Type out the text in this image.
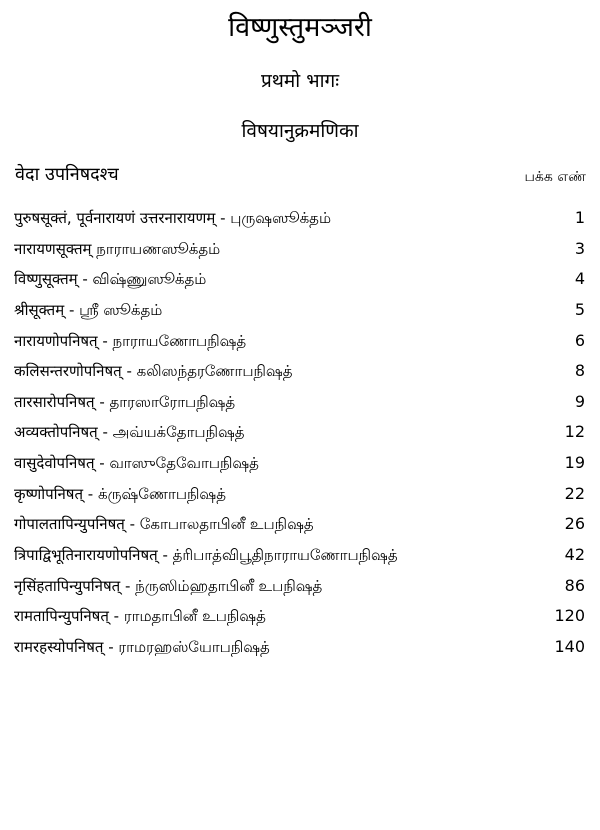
विष्णुस्तुमञ्जरी
प्रथमो भागः
विषयानुक्रमणिका
वेदा उपनिषदश्च	பக்க எண்
पुरुषसूक्तं, पूर्वनारायणं उत्तरनारायणम् - புருஷஸூக்தம்	1
नारायणसूक्तम् நாராயணஸூக்தம்	3
विष्णुसूक्तम् - விஷ்ணுஸூக்தம்	4
श्रीसूक्तम् - ஸ்ரீ ஸூக்தம்	5
नारायणोपनिषत् - நாராயணோபநிஷத்	6
कलिसन्तरणोपनिषत् - கலிஸந்தரணோபநிஷத்	8
तारसारोपनिषत् - தாரஸாரோபநிஷத்	9
अव्यक्तोपनिषत् - அவ்யக்தோபநிஷத்	12
वासुदेवोपनिषत् - வாஸுதேவோபநிஷத்	19
कृष्णोपनिषत् - க்ருஷ்ணோபநிஷத்	22
गोपालतापिन्युपनिषत् - கோபாலதாபினீ உபநிஷத்	26
त्रिपाद्विभूतिनारायणोपनिषत् - த்ரிபாத்விபூதிநாராயணோபநிஷத்	42
नृसिंहतापिन्युपनिषत् - ந்ருஸிம்ஹதாபினீ உபநிஷத்	86
रामतापिन्युपनिषत् - ராமதாபினீ உபநிஷத்	120
रामरहस्योपनिषत् - ராமரஹஸ்யோபநிஷத்	140
